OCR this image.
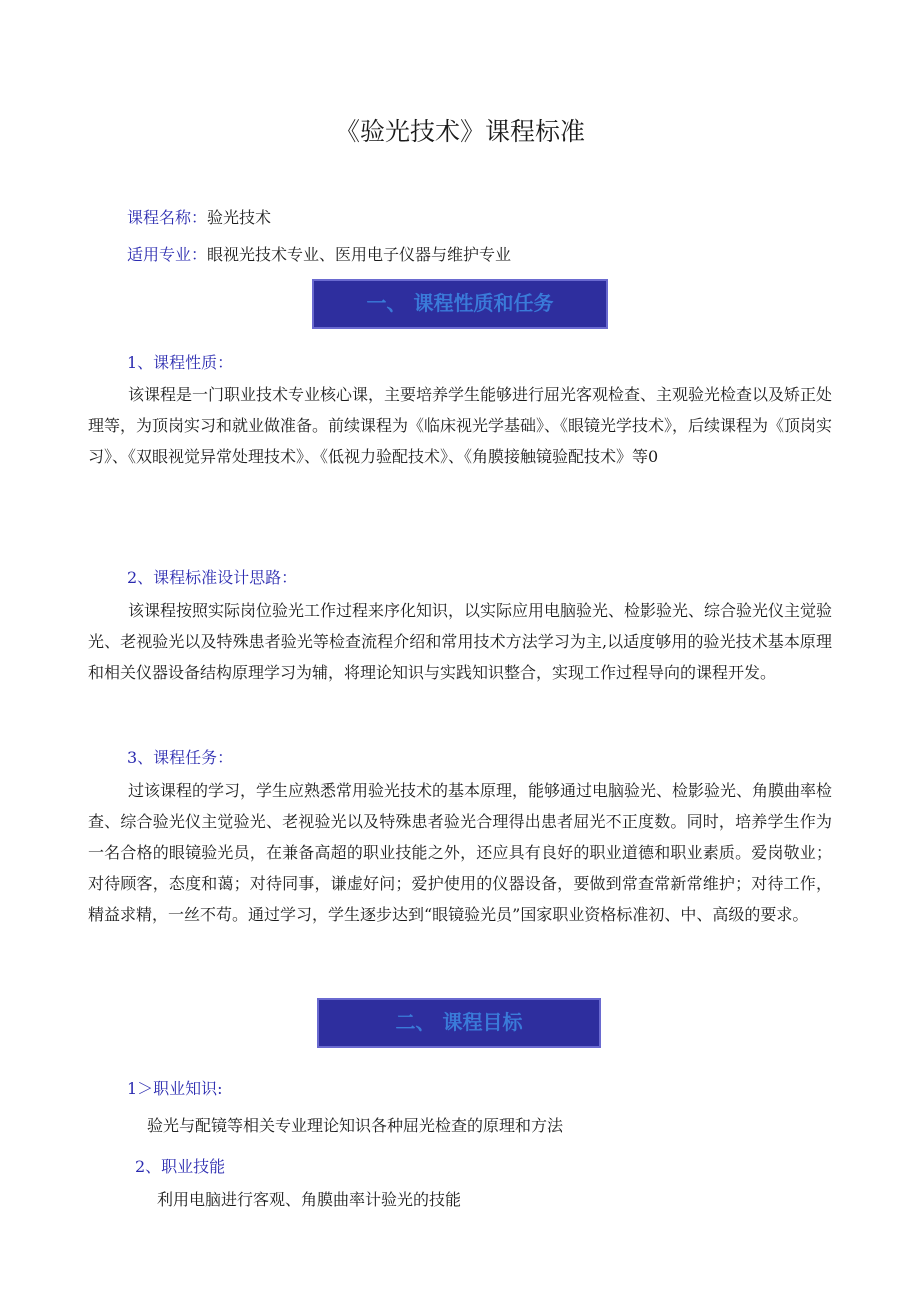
《验光技术》课程标准
课程名称：验光技术
适用专业：眼视光技术专业、医用电子仪器与维护专业
一、 课程性质和任务
1、课程性质：
该课程是一门职业技术专业核心课，主要培养学生能够进行屈光客观检查、主观验光检查以及矫正处理等，为顶岗实习和就业做准备。前续课程为《临床视光学基础》、《眼镜光学技术》，后续课程为《顶岗实习》、《双眼视觉异常处理技术》、《低视力验配技术》、《角膜接触镜验配技术》等0
2、课程标准设计思路：
该课程按照实际岗位验光工作过程来序化知识，以实际应用电脑验光、检影验光、综合验光仪主觉验光、老视验光以及特殊患者验光等检查流程介绍和常用技术方法学习为主,以适度够用的验光技术基本原理和相关仪器设备结构原理学习为辅，将理论知识与实践知识整合，实现工作过程导向的课程开发。
3、课程任务：
过该课程的学习，学生应熟悉常用验光技术的基本原理，能够通过电脑验光、检影验光、角膜曲率检查、综合验光仪主觉验光、老视验光以及特殊患者验光合理得出患者屈光不正度数。同时，培养学生作为一名合格的眼镜验光员，在兼备高超的职业技能之外，还应具有良好的职业道德和职业素质。爱岗敬业；对待顾客，态度和蔼；对待同事，谦虚好问；爱护使用的仪器设备，要做到常查常新常维护；对待工作，精益求精，一丝不苟。通过学习，学生逐步达到“眼镜验光员”国家职业资格标准初、中、高级的要求。
二、 课程目标
1＞职业知识:
验光与配镜等相关专业理论知识各种屈光检查的原理和方法
2、职业技能
利用电脑进行客观、角膜曲率计验光的技能
